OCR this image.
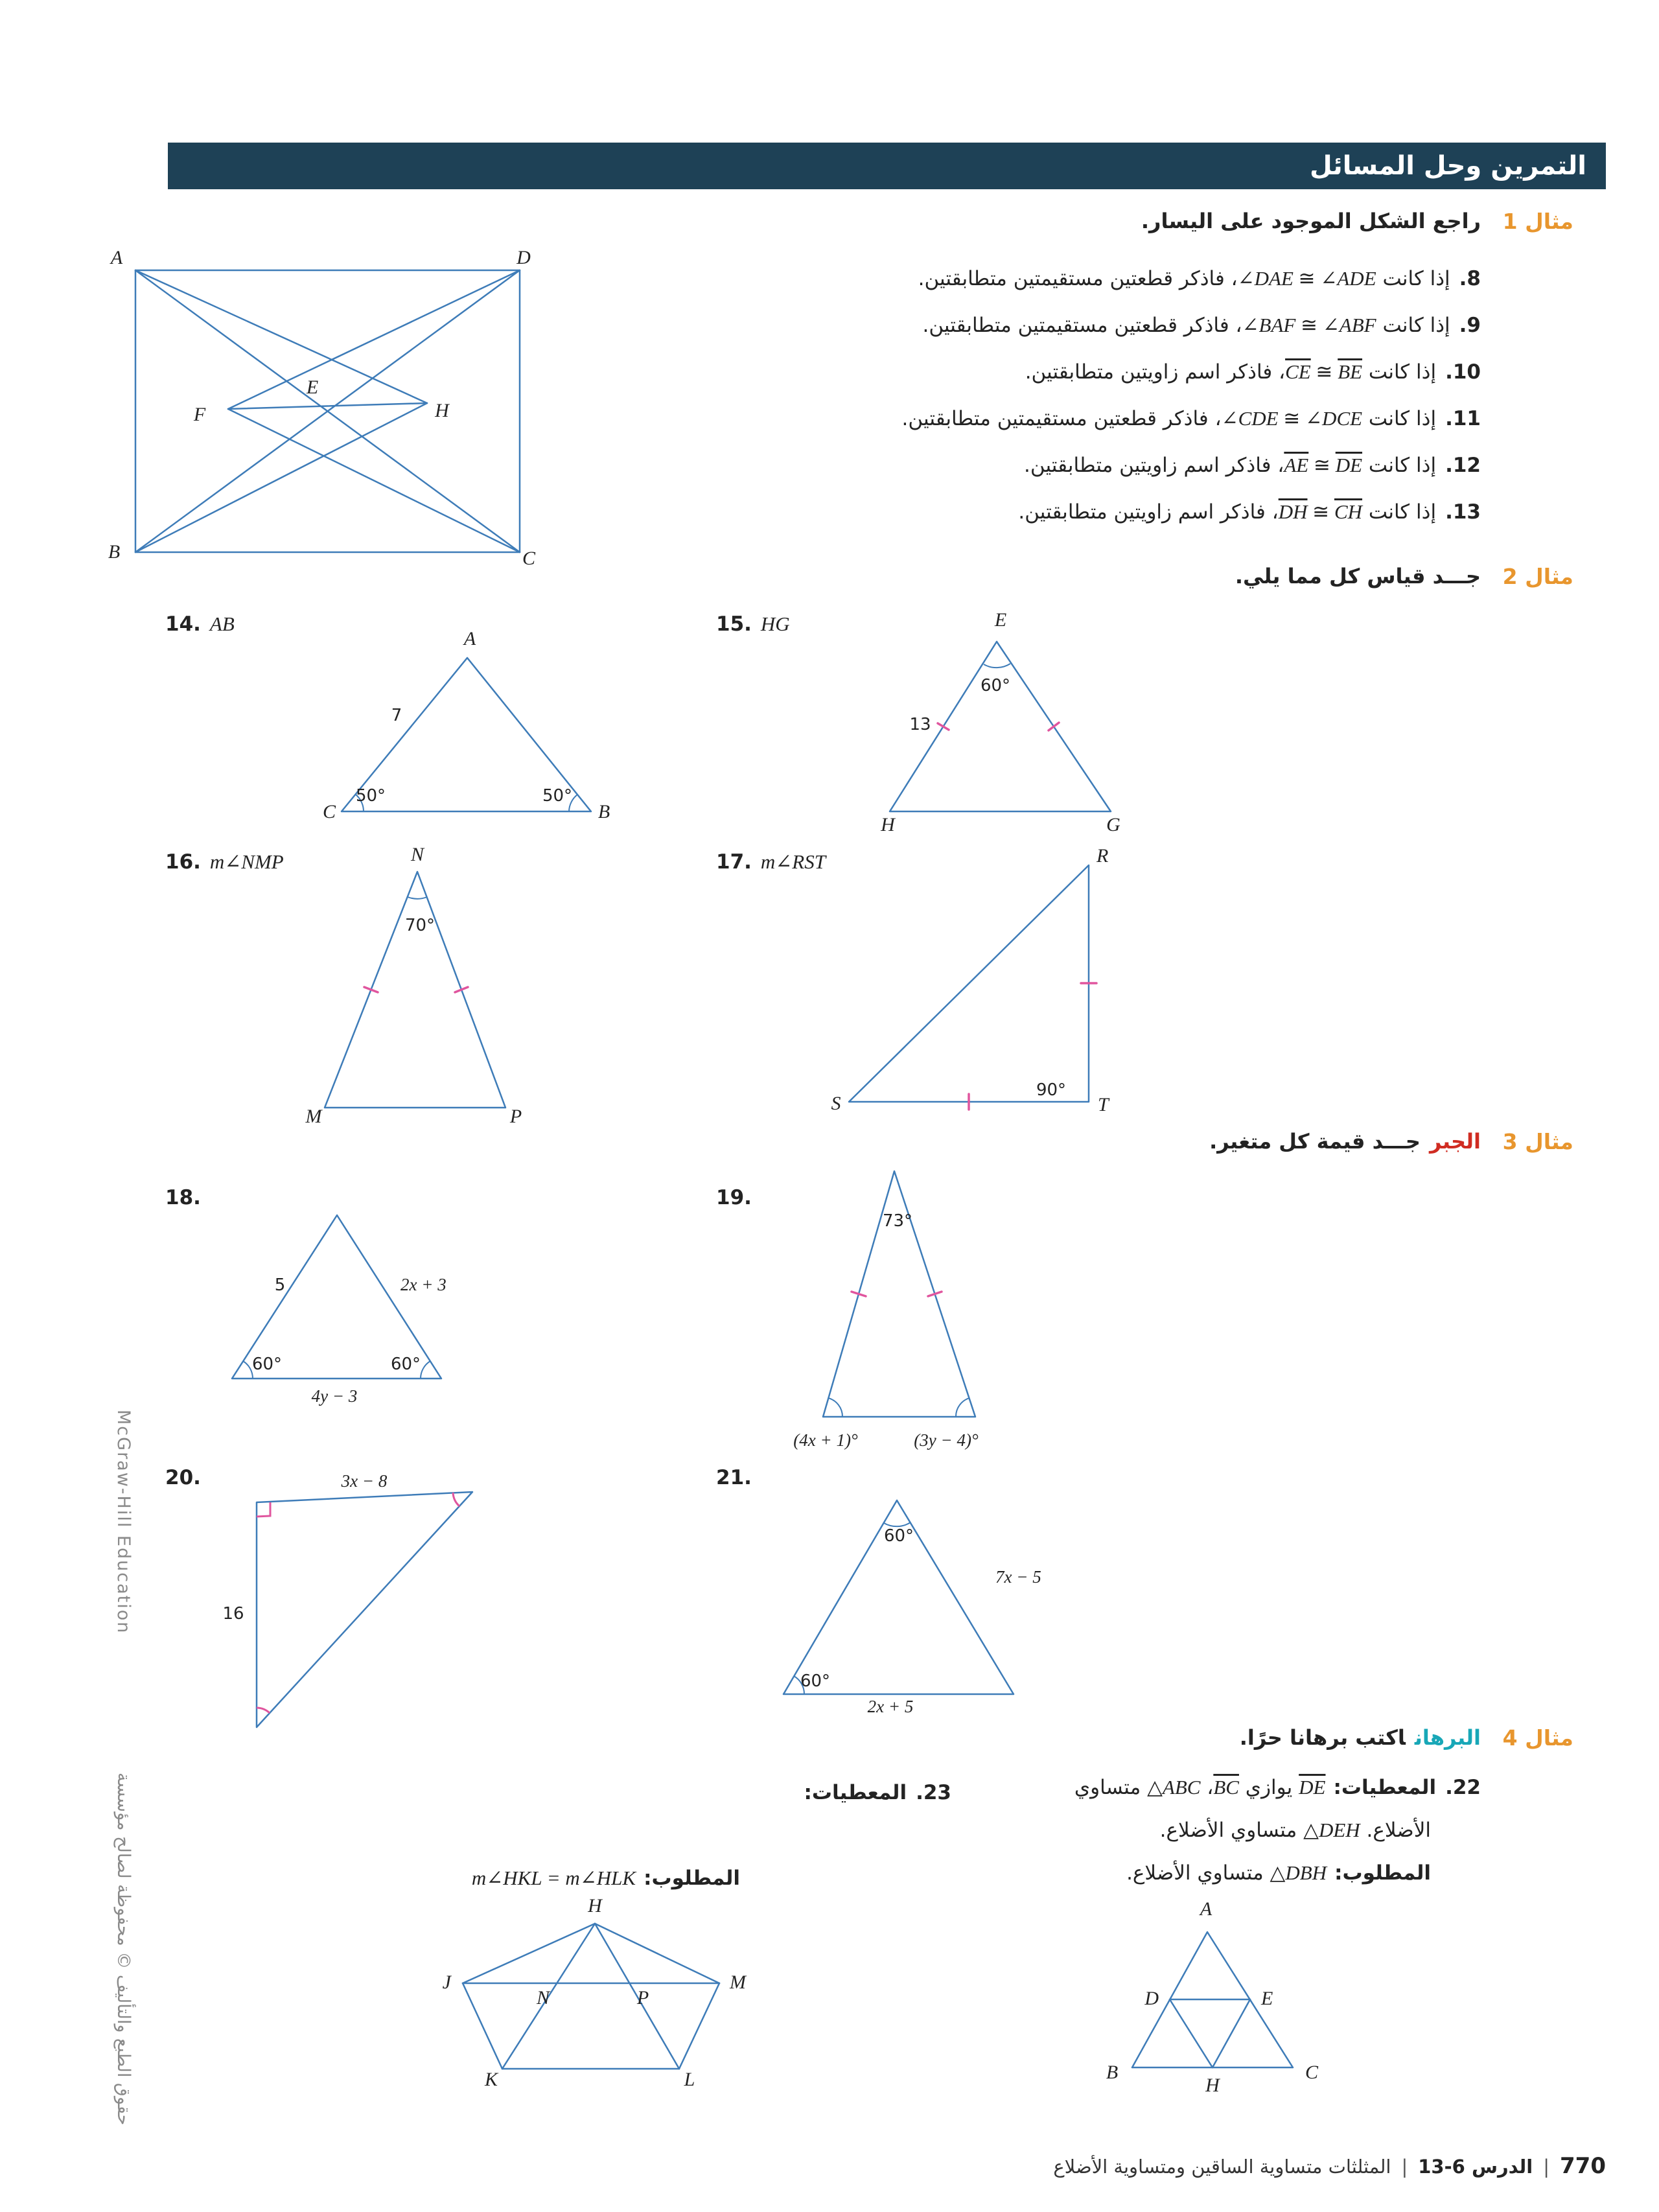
التمرين وحل المسائل
مثال 1
راجع الشكل الموجود على اليسار.
8.إذا كانت ∠DAE ≅ ∠ADE، فاذكر قطعتين مستقيمتين متطابقتين.
9.إذا كانت ∠BAF ≅ ∠ABF، فاذكر قطعتين مستقيمتين متطابقتين.
10.إذا كانت $\overline{CE}$ ≅ $\overline{BE}،$ فاذكر اسم زاويتين متطابقتين.
11.إذا كانت ∠CDE ≅ ∠DCE، فاذكر قطعتين مستقيمتين متطابقتين.
12.إذا كانت $\overline{AE}$ ≅ $\overline{DE}،$ فاذكر اسم زاويتين متطابقتين.
13.إذا كانت $\overline{DH}$ ≅ $\overline{CH}،$ فاذكر اسم زاويتين متطابقتين.
A	D
B	C
E
F	H
مثال 2
جـــد قياس كل مما يلي.
14. AB
A
C	B
7
50°	50°
15. HG	E
H	G
60°
13
16. m∠NMP	N
M	P
70°
17. m∠RST	R
S	T
90°
مثال 3
الجبرجـــد قيمة كل متغير.
18.
5	2x + 3
60°	60°
4y − 3
19.
73°
(4x + 1)°	(3y − 4)°
20.	3x − 8
16
21.
60°
7x − 5
60°
2x + 5
مثال 4
البرهاناكتب برهانا حرًا.
$22.المعطيات:\overline{DE}$ يوازي $\overline{BC}،$ △ABC متساوي
الأضلاع. △DEH متساوي الأضلاع.
المطلوب:△DBH متساوي الأضلاع.
A
B	C
D	E
H
23.المعطيات:
المطلوب:m∠HKL = m∠HLK
H
J	M
N	P
K	L
770|الدرس 6-13|المثلثات متساوية الساقين ومتساوية الأضلاع
McGraw-Hill Education
حقوق الطبع والتأليف © محفوظة لصالح مؤسسة
